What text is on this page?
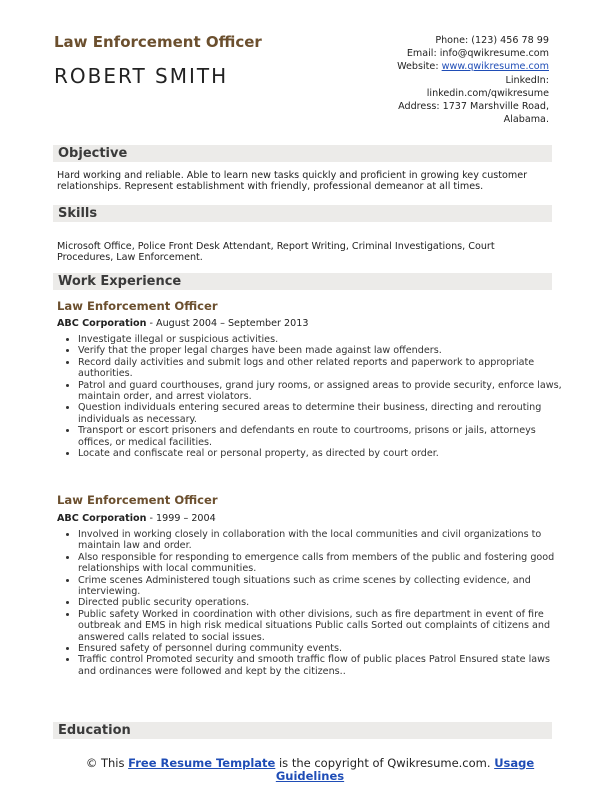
Law Enforcement Officer
ROBERT SMITH
Phone: (123) 456 78 99
Email: info@qwikresume.com
Website: www.qwikresume.com
LinkedIn:
linkedin.com/qwikresume
Address: 1737 Marshville Road,
Alabama.
Objective
Hard working and reliable. Able to learn new tasks quickly and proficient in growing key customer relationships. Represent establishment with friendly, professional demeanor at all times.
Skills
Microsoft Office, Police Front Desk Attendant, Report Writing, Criminal Investigations, Court Procedures, Law Enforcement.
Work Experience
Law Enforcement Officer
ABC Corporation - August 2004 – September 2013
• Investigate illegal or suspicious activities.
• Verify that the proper legal charges have been made against law offenders.
• Record daily activities and submit logs and other related reports and paperwork to appropriate authorities.
• Patrol and guard courthouses, grand jury rooms, or assigned areas to provide security, enforce laws, maintain order, and arrest violators.
• Question individuals entering secured areas to determine their business, directing and rerouting individuals as necessary.
• Transport or escort prisoners and defendants en route to courtrooms, prisons or jails, attorneys offices, or medical facilities.
• Locate and confiscate real or personal property, as directed by court order.
Law Enforcement Officer
ABC Corporation - 1999 – 2004
• Involved in working closely in collaboration with the local communities and civil organizations to maintain law and order.
• Also responsible for responding to emergence calls from members of the public and fostering good relationships with local communities.
• Crime scenes Administered tough situations such as crime scenes by collecting evidence, and interviewing.
• Directed public security operations.
• Public safety Worked in coordination with other divisions, such as fire department in event of fire outbreak and EMS in high risk medical situations Public calls Sorted out complaints of citizens and answered calls related to social issues.
• Ensured safety of personnel during community events.
• Traffic control Promoted security and smooth traffic flow of public places Patrol Ensured state laws and ordinances were followed and kept by the citizens..
Education
© This Free Resume Template is the copyright of Qwikresume.com. Usage Guidelines
